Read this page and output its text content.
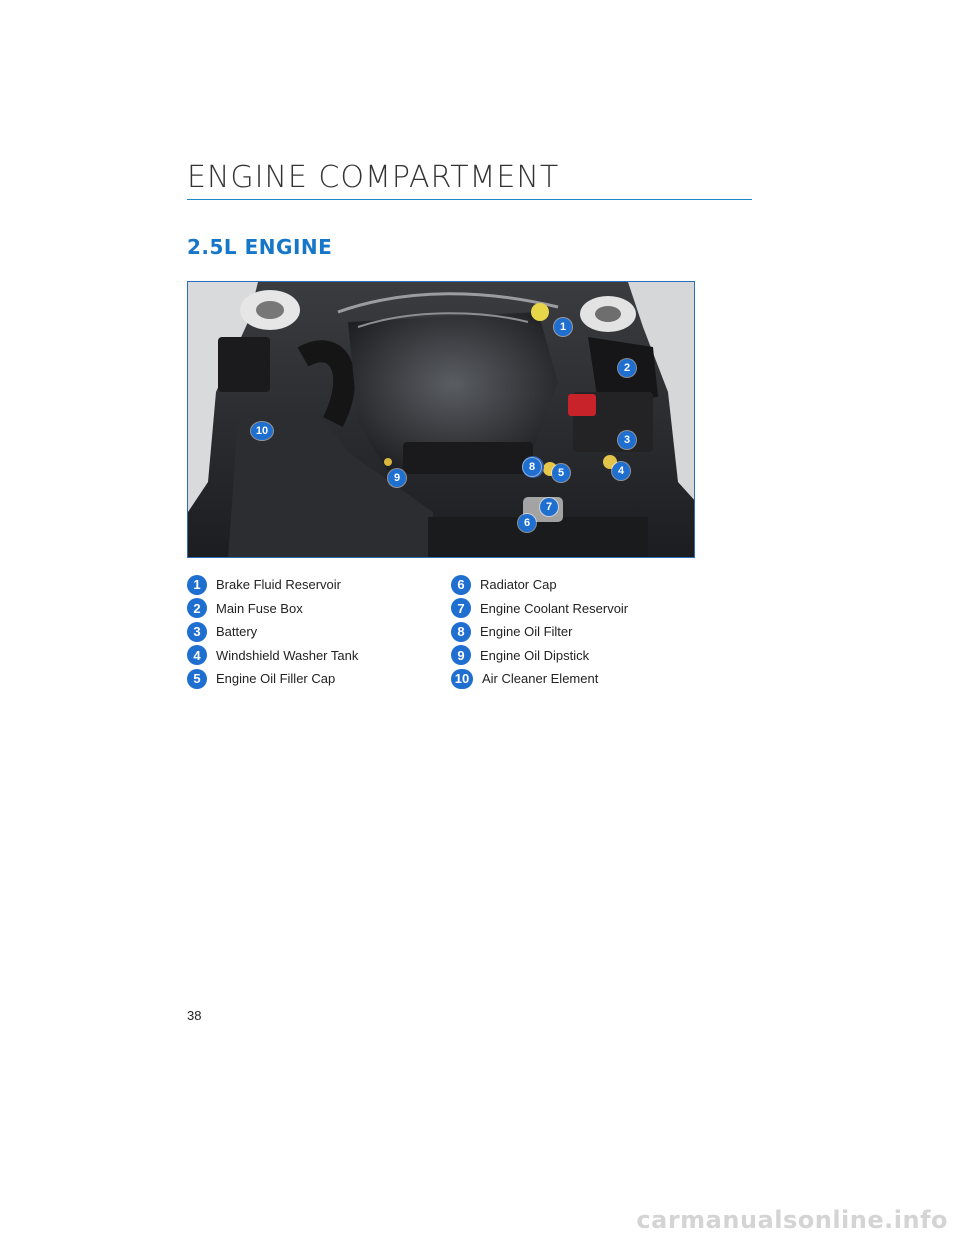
ENGINE COMPARTMENT
2.5L ENGINE
1
2
3
4
5
6
7
8
9
10
1	Brake Fluid Reservoir
2	Main Fuse Box
3	Battery
4	Windshield Washer Tank
5	Engine Oil Filler Cap
6	Radiator Cap
7	Engine Coolant Reservoir
8	Engine Oil Filter
9	Engine Oil Dipstick
10 Air Cleaner Element
38
carmanualsonline.info
